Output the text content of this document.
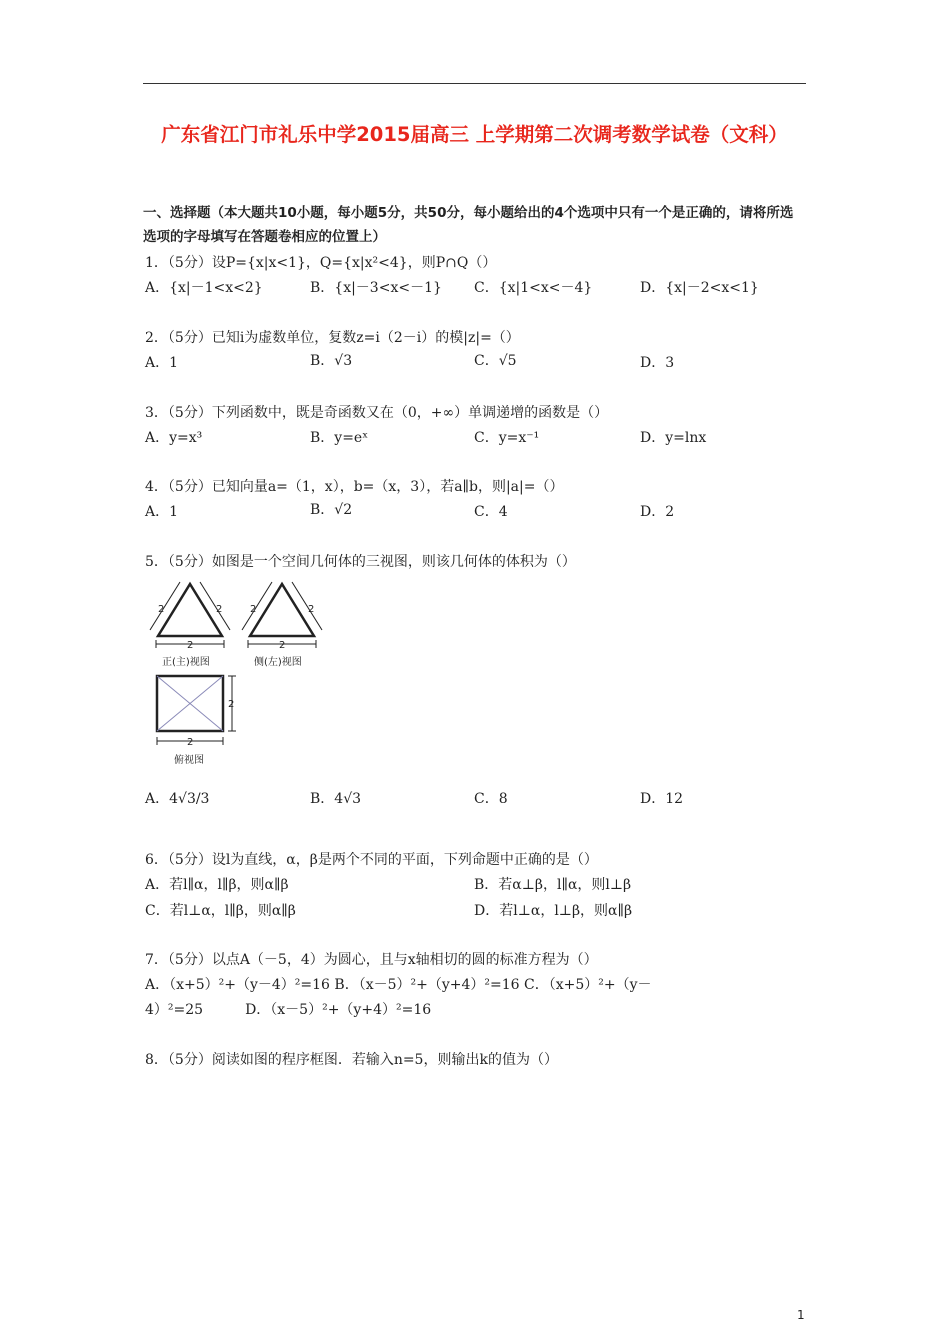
广东省江门市礼乐中学2015届高三 上学期第二次调考数学试卷（文科）
一、选择题（本大题共10小题，每小题5分，共50分，每小题给出的4个选项中只有一个是正确的，请将所选选项的字母填写在答题卷相应的位置上）
1．（5分）设P={x|x<1}，Q={x|x²<4}，则P∩Q（）
A．{x|－1<x<2}	B．{x|－3<x<－1} C．{x|1<x<－4}	D．{x|－2<x<1}
2．（5分）已知i为虚数单位，复数z=i（2－i）的模|z|=（）
A．1	B．√3	C．√5	D．3
3．（5分）下列函数中，既是奇函数又在（0，+∞）单调递增的函数是（）
A．y=x³	B．y=eˣ	C．y=x⁻¹	D．y=lnx
4．（5分）已知向量a=（1，x），b=（x，3），若a∥b，则|a|=（）
A．1	B．√2	C．4	D．2
5．（5分）如图是一个空间几何体的三视图，则该几何体的体积为（）
2	2
2
正(主)视图
2	2
2
侧(左)视图
2
2
俯视图
A．4√3/3	B．4√3	C．8	D．12
6．（5分）设l为直线，α，β是两个不同的平面，下列命题中正确的是（）
A．若l∥α，l∥β，则α∥β	B．若α⊥β，l∥α，则l⊥β
C．若l⊥α，l∥β，则α∥β	D．若l⊥α，l⊥β，则α∥β
7．（5分）以点A（－5，4）为圆心，且与x轴相切的圆的标准方程为（）
A．（x+5）²+（y－4）²=16 B．（x－5）²+（y+4）²=16 C．（x+5）²+（y－
4）²=25　　　D．（x－5）²+（y+4）²=16
8．（5分）阅读如图的程序框图．若输入n=5，则输出k的值为（）
1
